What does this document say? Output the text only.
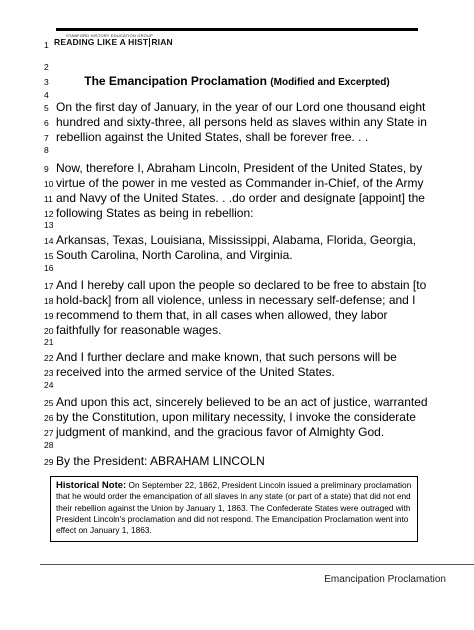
STANFORD HISTORY EDUCATION GROUP
READING LIKE A HIST RIAN
1
2
3
4
5
6
7
8
9
10
11
12
13
14
15
16
17
18
19
20
21
22
23
24
25
26
27
28
29
The Emancipation Proclamation (Modified and Excerpted)
On the first day of January, in the year of our Lord one thousand eight
hundred and sixty-three, all persons held as slaves within any State in
rebellion against the United States, shall be forever free. . .
Now, therefore I, Abraham Lincoln, President of the United States, by
virtue of the power in me vested as Commander in-Chief, of the Army
and Navy of the United States. . .do order and designate [appoint] the
following States as being in rebellion:
Arkansas, Texas, Louisiana, Mississippi, Alabama, Florida, Georgia,
South Carolina, North Carolina, and Virginia.
And I hereby call upon the people so declared to be free to abstain [to
hold-back] from all violence, unless in necessary self-defense; and I
recommend to them that, in all cases when allowed, they labor
faithfully for reasonable wages.
And I further declare and make known, that such persons will be
received into the armed service of the United States.
And upon this act, sincerely believed to be an act of justice, warranted
by the Constitution, upon military necessity, I invoke the considerate
judgment of mankind, and the gracious favor of Almighty God.
By the President: ABRAHAM LINCOLN
Historical Note: On September 22, 1862, President Lincoln issued a preliminary proclamation that he would order the emancipation of all slaves in any state (or part of a state) that did not end their rebellion against the Union by January 1, 1863. The Confederate States were outraged with President Lincoln's proclamation and did not respond. The Emancipation Proclamation went into effect on January 1, 1863.
Emancipation Proclamation
